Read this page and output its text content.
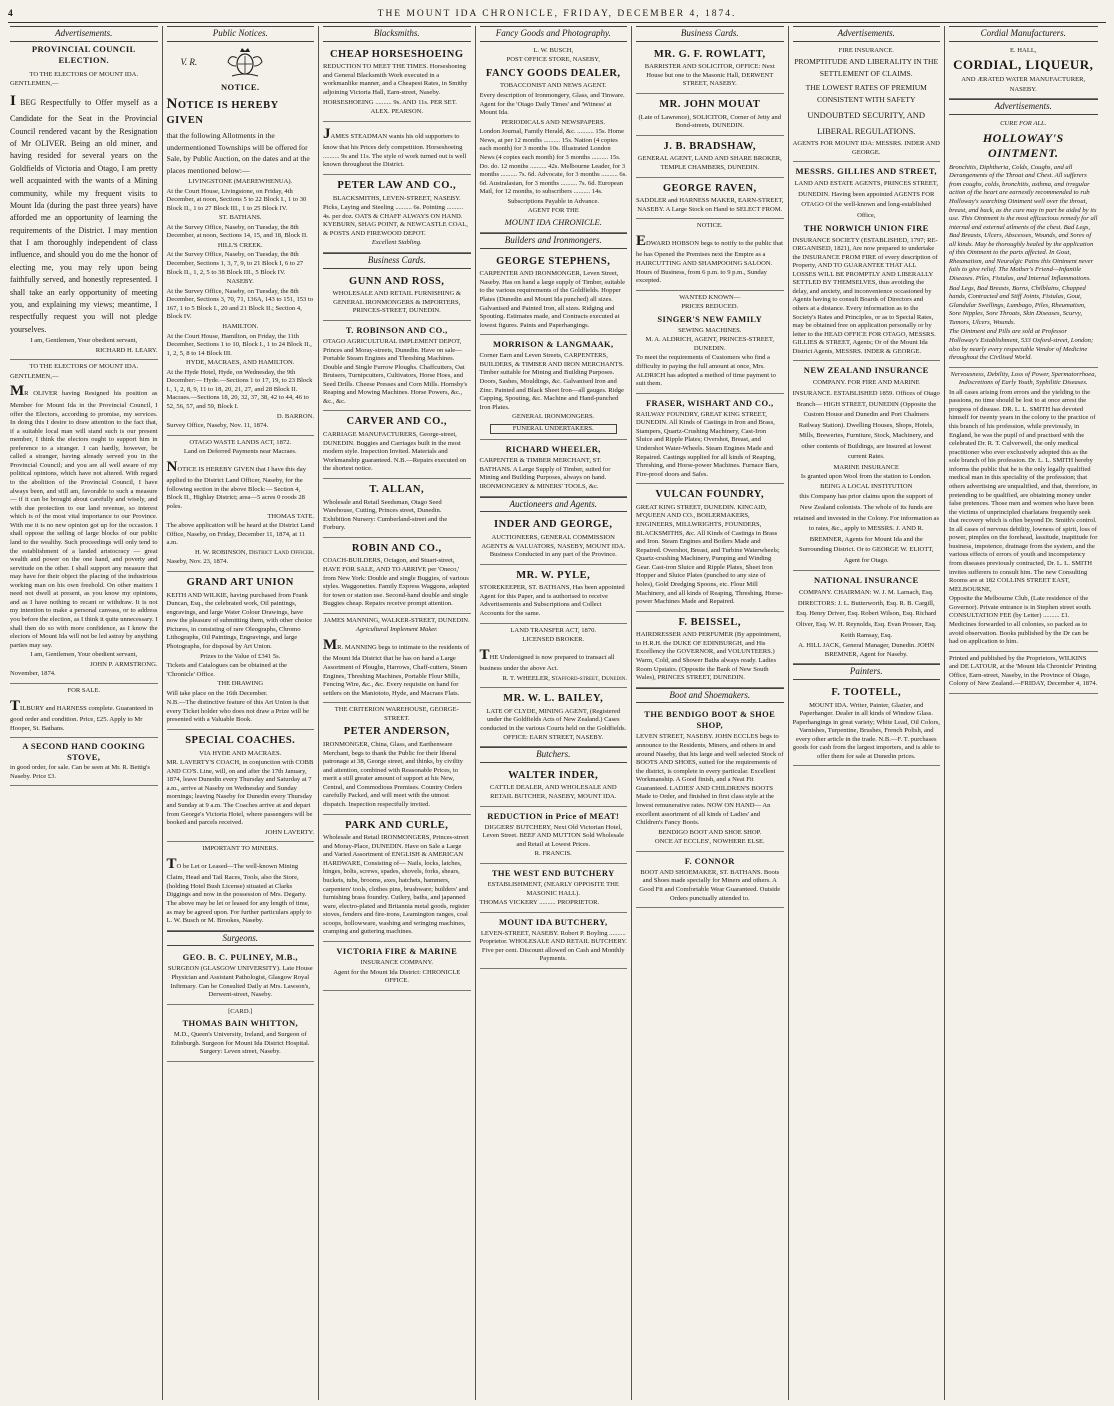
4	THE MOUNT IDA CHRONICLE, FRIDAY, DECEMBER 4, 1874.
Advertisements.
PROVINCIAL COUNCIL ELECTION.

TO THE ELECTORS OF MOUNT IDA.

GENTLEMEN,—

I BEG Respectfully to Offer myself as a Candidate for the Seat in the Provincial Council rendered vacant by the Resignation of Mr OLIVER. Being an old miner, and having resided for several years on the Goldfields of Victoria and Otago, I am pretty well acquainted with the wants of a Mining community, while my frequent visits to Mount Ida (during the past three years) have afforded me an opportunity of learning the requirements of the District. I may mention that I am thoroughly independent of class influence, and should you do me the honor of electing me, you may rely upon being faithfully served, and honestly represented. I shall take an early opportunity of meeting you, and explaining my views; meantime, I respectfully request you will not pledge yourselves.

I am, Gentlemen, Your obedient servant,

RICHARD H. LEARY.

TO THE ELECTORS OF MOUNT IDA.

GENTLEMEN,—

MR OLIVER having Resigned his position as Member for Mount Ida in the Provincial Council, I offer the Electors, according to promise, my services. In doing this I desire to draw attention to the fact that, if a suitable local man will stand such is our present member, I think the electors ought to support him in preference to a stranger. I can hardly, however, be called a stranger, having already served you in the Provincial Council; and you are all well aware of my political opinions, which have not altered. With regard to the abolition of the Provincial Council, I have always been, and still am, favorable to such a measure — if it can be brought about carefully and wisely, and with due protection to our land revenue, so interest which is of the most vital importance to our Province. With me it is no new opinion got up for the occasion. I shall oppose the selling of large blocks of our public land to the wealthy. Such proceedings will only tend to the establishment of a landed aristocracy — great wealth and power on the one hand, and poverty and servitude on the other. I shall support any measure that may have for their object the placing of the industrious working man on his own freehold. On other matters I need not dwell at present, as you know my opinions, and as I have nothing to recant or withdraw. It is not my intention to make a personal canvass, or to address you before the election, as I think it quite unnecessary. I shall then do so with more confidence, as I know the electors of Mount Ida will not be led astray by anything parties may say.

I am, Gentlemen, Your obedient servant,

JOHN P. ARMSTRONG.

November, 1874.

FOR SALE.

TILBURY and HARNESS complete. Guaranteed in good order and condition. Price, £25. Apply to Mr Hooper, St. Bathans.

A SECOND HAND COOKING STOVE,

in good order, for sale. Can be seen at Mr. R. Bettig's Naseby. Price £3.

Public Notices.
V. R.
NOTICE.
NOTICE IS HEREBY GIVEN

that the following Allotments in the undermentioned Townships will be offered for Sale, by Public Auction, on the dates and at the places mentioned below:—

LIVINGSTONE (MAEREWHENUA).

At the Court House, Livingstone, on Friday, 4th December, at noon, Sections 5 to 22 Block I., 1 to 30 Block II., 1 to 27 Block III., 1 to 25 Block IV.

ST. BATHANS.

At the Survey Office, Naseby, on Tuesday, the 8th December, at noon, Sections 14, 15, and 18, Block II.

HILL'S CREEK.

At the Survey Office, Naseby, on Tuesday, the 8th December, Sections 1, 3, 7, 9, to 21 Block I, 6 to 27 Block II., 1, 2, 5 to 38 Block III., 5 Block IV.

NASEBY.

At the Survey Office, Naseby, on Tuesday, the 8th December, Sections 3, 70, 71, 136A, 143 to 151, 153 to 167, 1 to 5 Block I., 20 and 21 Block II.; Section 4, Block IV.

HAMILTON.

At the Court House, Hamilton, on Friday, the 11th December, Sections 1 to 10, Block I., 1 to 24 Block II., 1, 2, 5, 8 to 14 Block III.

HYDE, MACRAES, AND HAMILTON.

At the Hyde Hotel, Hyde, on Wednesday, the 9th December:— Hyde.—Sections 1 to 17, 19, to 23 Block I., 1, 2, 8, 9, 11 to 18, 20, 21, 27, and 28 Block II. Macraes.—Sections 18, 20, 32, 37, 38, 42 to 44, 46 to 52, 56, 57, and 59, Block I.

D. BARRON.

Survey Office, Naseby, Nov. 11, 1874.

OTAGO WASTE LANDS ACT, 1872.

Land on Deferred Payments near Macraes.

NOTICE IS HEREBY GIVEN that I have this day applied to the District Land Officer, Naseby, for the following section in the above Block:— Section 4, Block II., Highlay District; area—5 acres 0 roods 28 poles.

THOMAS TATE.

The above application will be heard at the District Land Office, Naseby, on Friday, December 11, 1874, at 11 a.m.

H. W. ROBINSON, District Land Officer.

Naseby, Nov. 23, 1874.

GRAND ART UNION

KEITH AND WILKIE, having purchased from Frank Duncan, Esq., the celebrated work, Oil paintings, engravings, and large Water Colour Drawings, have now the pleasure of submitting them, with other choice Pictures, in consisting of rare Oleographs, Chromo Lithographs, Oil Paintings, Engravings, and large Photographs, for disposal by Art Union.

Prizes to the Value of £341 5s.

Tickets and Catalogues can be obtained at the 'Chronicle' Office.

THE DRAWING

Will take place on the 16th December.

N.B.—The distinctive feature of this Art Union is that every Ticket holder who does not draw a Prize will be presented with a Valuable Book.

SPECIAL COACHES.

VIA HYDE AND MACRAES.

MR. LAVERTY'S COACH, in conjunction with COBB AND CO'S. Line, will, on and after the 17th January, 1874, leave Dunedin every Thursday and Saturday at 7 a.m., arrive at Naseby on Wednesday and Sunday mornings; leaving Naseby for Dunedin every Thursday and Sunday at 9 a.m. The Coaches arrive at and depart from George's Victoria Hotel, where passengers will be booked and parcels received.

JOHN LAVERTY.

IMPORTANT TO MINERS.

TO be Let or Leased—The well-known Mining Claim, Head and Tail Races, Tools, also the Store, (holding Hotel Bush License) situated at Clarks Diggings and now in the possession of Mrs. Degarty. The above may be let or leased for any length of time, as may be agreed upon. For further particulars apply to L. W. Busch or M. Brookes, Naseby.

Surgeons.
GEO. B. C. PULINEY, M.B.,

SURGEON (GLASGOW UNIVERSITY). Late House Physician and Assistant Pathologist, Glasgow Royal Infirmary. Can be Consulted Daily at Mrs. Lawson's, Derwent-street, Naseby.

[CARD.]

THOMAS BAIN WHITTON,

M.D., Queen's University, Ireland, and Surgeon of Edinburgh. Surgeon for Mount Ida District Hospital. Surgery: Leven street, Naseby.

Blacksmiths.
CHEAP HORSESHOEING

REDUCTION TO MEET THE TIMES. Horseshoeing and General Blacksmith Work executed in a workmanlike manner, and a Cheapest Rates, in Smithy adjoining Victoria Hall, Earn-street, Naseby.

HORSESHOEING .......... 9s. AND 11s. PER SET.

ALEX. PEARSON.

JAMES STEADMAN wants his old supporters to know that his Prices defy competition. Horseshoeing .......... 9s and 11s. The style of work turned out is well known throughout the District.

PETER LAW AND CO.,

BLACKSMITHS, LEVEN-STREET, NASEBY.

Picks, Laying and Steeling .......... 6s. Pointing .......... 4s. per doz. OATS & CHAFF ALWAYS ON HAND. KYEBURN, SHAG POINT, & NEWCASTLE COAL, & POSTS AND FIREWOOD DEPOT.

Excellent Stabling.

Business Cards.
GUNN AND ROSS,

WHOLESALE AND RETAIL FURNISHING & GENERAL IRONMONGERS & IMPORTERS, PRINCES-STREET, DUNEDIN.

T. ROBINSON AND CO.,

OTAGO AGRICULTURAL IMPLEMENT DEPOT, Princes and Moray-streets, Dunedin. Have on sale— Portable Steam Engines and Threshing Machines. Double and Single Furrow Ploughs. Chaffcutters, Oat Bruisers, Turnipcutters, Cultivators, Horse Hoes, and Seed Drills. Cheese Presses and Corn Mills. Hornsby's Reaping and Mowing Machines. Horse Powers, &c., &c., &c.

CARVER AND CO.,

CARRIAGE MANUFACTURERS, George-street, DUNEDIN. Buggies and Carriages built in the most modern style. Inspection Invited. Materials and Workmanship guaranteed. N.B.—Repairs executed on the shortest notice.

T. ALLAN,

Wholesale and Retail Seedsman, Otago Seed Warehouse, Cutting, Princes street, Dunedin. Exhibition Nursery: Cumberland-street and the Forbury.

ROBIN AND CO.,

COACH-BUILDERS, Octagon, and Stuart-street, HAVE FOR SALE, AND TO ARRIVE per 'Oneco,' from New York: Double and single Buggies, of various styles. Waggonettes. Family Express Waggons, adapted for town or station use. Second-hand double and single Buggies cheap. Repairs receive prompt attention.

JAMES MANNING, WALKER-STREET, DUNEDIN.

Agricultural Implement Maker.

MR. MANNING begs to intimate to the residents of the Mount Ida District that he has on hand a Large Assortment of Ploughs, Harrows, Chaff-cutters, Steam Engines, Threshing Machines, Portable Flour Mills, Fencing Wire, &c., &c. Every requisite on hand for settlers on the Maniototo, Hyde, and Macraes Flats.

THE CRITERION WAREHOUSE, GEORGE-STREET.

PETER ANDERSON,

IRONMONGER, China, Glass, and Earthenware Merchant, begs to thank the Public for their liberal patronage at 38, George street, and thinks, by civility and attention, combined with Reasonable Prices, to merit a still greater amount of support at his New, Central, and Commodious Premises. Country Orders carefully Packed, and will meet with the utmost dispatch. Inspection respectfully invited.

PARK AND CURLE,

Wholesale and Retail IRONMONGERS, Princes-street and Moray-Place, DUNEDIN. Have on Sale a Large and Varied Assortment of ENGLISH & AMERICAN HARDWARE, Consisting of— Nails, locks, latches, hinges, bolts, screws, spades, shovels, forks, shears, buckets, tubs, brooms, axes, hatchets, hammers, carpenters' tools, clothes pins, brushware; builders' and furnishing brass foundry. Cutlery, baths, and japanned ware, electro-plated and Britannia metal goods, register stoves, fenders and fire-irons, Leamington ranges, coal scoops, hollowware, washing and wringing machines, cramping and guttering machines.

VICTORIA FIRE & MARINE

INSURANCE COMPANY.

Agent for the Mount Ida District: CHRONICLE OFFICE.

Fancy Goods and Photography.

L. W. BUSCH,

POST OFFICE STORE, NASEBY,

FANCY GOODS DEALER,

TOBACCONIST AND NEWS AGENT.

Every description of Ironmongery, Glass, and Tinware. Agent for the 'Otago Daily Times' and 'Witness' at Mount Ida.

PERIODICALS AND NEWSPAPERS.

London Journal, Family Herald, &c. .......... 15s. Home News, at per 12 months .......... 15s. Nation (4 copies each month) for 3 months 10s. Illustrated London News (4 copies each month) for 3 months .......... 15s. Do. do. 12 months .......... 42s. Melbourne Leader, for 3 months .......... 7s. 6d. Advocate, for 3 months .......... 6s. 6d. Australasian, for 3 months .......... 7s. 6d. European Mail, for 12 months, to subscribers .......... 14s.

Subscriptions Payable in Advance.

AGENT FOR THE

MOUNT IDA CHRONICLE.

Builders and Ironmongers.
GEORGE STEPHENS,

CARPENTER AND IRONMONGER, Leven Street, Naseby. Has on hand a large supply of Timber, suitable to the various requirements of the Goldfields. Hopper Plates (Dunedin and Mount Ida punched) all sizes. Galvanised and Painted Iron, all sizes. Ridging and Spouting. Estimates made, and Contracts executed at lowest figures. Paints and Paperhangings.

MORRISON & LANGMAAK,

Corner Earn and Leven Streets, CARPENTERS, BUILDERS, & TIMBER AND IRON MERCHANTS. Timber suitable for Mining and Building Purposes. Doors, Sashes, Mouldings, &c. Galvanised Iron and Zinc. Painted and Black Sheet Iron—all gauges. Ridge Capping, Spouting, &c. Machine and Hand-punched Iron Plates.

GENERAL IRONMONGERS.

FUNERAL UNDERTAKERS.

RICHARD WHEELER,

CARPENTER & TIMBER MERCHANT, ST. BATHANS. A Large Supply of Timber, suited for Mining and Building Purposes, always on hand. IRONMONGERY & MINERS' TOOLS, &c.

Auctioneers and Agents.
INDER AND GEORGE,

AUCTIONEERS, GENERAL COMMISSION AGENTS & VALUATORS, NASEBY, MOUNT IDA. Business Conducted in any part of the Province.

MR. W. PYLE,

STOREKEEPER, ST. BATHANS, Has been appointed Agent for this Paper, and is authorised to receive Advertisements and Subscriptions and Collect Accounts for the same.

LAND TRANSFER ACT, 1870.

LICENSED BROKER.

THE Undersigned is now prepared to transact all business under the above Act.

R. T. WHEELER, Stafford-street, Dunedin.

MR. W. L. BAILEY,

LATE OF CLYDE, MINING AGENT, (Registered under the Goldfields Acts of New Zealand.) Cases conducted in the various Courts held on the Goldfields. OFFICE: EARN STREET, NASEBY.

Butchers.
WALTER INDER,

CATTLE DEALER, AND WHOLESALE AND RETAIL BUTCHER, NASEBY, MOUNT IDA.

REDUCTION in Price of MEAT!

DIGGERS' BUTCHERY, Next Old Victorian Hotel, Leven Street. BEEF AND MUTTON Sold Wholesale and Retail at Lowest Prices.

R. FRANCIS.

THE WEST END BUTCHERY

ESTABLISHMENT, (NEARLY OPPOSITE THE MASONIC HALL).

THOMAS VICKERY .......... PROPRIETOR.

MOUNT IDA BUTCHERY,

LEVEN-STREET, NASEBY. Robert P. Boyling .......... Proprietor. WHOLESALE AND RETAIL BUTCHERY. Five per cent. Discount allowed on Cash and Monthly Payments.

Business Cards.
MR. G. F. ROWLATT,

BARRISTER AND SOLICITOR, OFFICE: Next House but one to the Masonic Hall, DERWENT STREET, NASEBY.

MR. JOHN MOUAT

(Late of Lawrence), SOLICITOR, Corner of Jetty and Bond-streets, DUNEDIN.

J. B. BRADSHAW,

GENERAL AGENT, LAND AND SHARE BROKER, TEMPLE CHAMBERS, DUNEDIN.

GEORGE RAVEN,

SADDLER and HARNESS MAKER, EARN-STREET, NASEBY. A Large Stock on Hand to SELECT FROM.

NOTICE.

EDWARD HOBSON begs to notify to the public that he has Opened the Premises next the Empire as a HAIRCUTTING AND SHAMPOOING SALOON. Hours of Business, from 6 p.m. to 9 p.m., Sunday excepted.

WANTED KNOWN—

PRICES REDUCED.

SINGER'S NEW FAMILY

SEWING MACHINES.

M. A. ALDRICH, AGENT, PRINCES-STREET, DUNEDIN.

To meet the requirements of Customers who find a difficulty in paying the full amount at once, Mrs. ALDRICH has adopted a method of time payment to suit them.

FRASER, WISHART AND CO.,

RAILWAY FOUNDRY, GREAT KING STREET, DUNEDIN. All Kinds of Castings in Iron and Brass, Stampers, Quartz-Crushing Machinery, Cast-Iron Sluice and Ripple Plates; Overshot, Breast, and Undershot Water-Wheels. Steam Engines Made and Repaired. Castings supplied for all kinds of Reaping, Threshing, and Horse-power Machines. Furnace Bars, Fire-proof doors and Safes.

VULCAN FOUNDRY,

GREAT KING STREET, DUNEDIN. KINCAID, M'QUEEN AND CO., BOILERMAKERS, ENGINEERS, MILLWRIGHTS, FOUNDERS, BLACKSMITHS, &c. All Kinds of Castings in Brass and Iron. Steam Engines and Boilers Made and Repaired. Overshot, Breast, and Turbine Waterwheels; Quartz-crushing Machinery, Pumping and Winding Gear. Cast-iron Sluice and Ripple Plates, Sheet Iron Hopper and Sluice Plates (punched to any size of holes), Gold Dredging Spoons, etc. Flour Mill Machinery, and all kinds of Reaping, Threshing, Horse-power Machines Made and Repaired.

F. BEISSEL,

HAIRDRESSER AND PERFUMER (By appointment, to H.R.H. the DUKE OF EDINBURGH, and His Excellency the GOVERNOR, and VOLUNTEERS.) Warm, Cold, and Shower Baths always ready. Ladies Room Upstairs. (Opposite the Bank of New South Wales), PRINCES STREET, DUNEDIN.

Boot and Shoemakers.
THE BENDIGO BOOT & SHOE SHOP,

LEVEN STREET, NASEBY. JOHN ECCLES begs to announce to the Residents, Miners, and others in and around Naseby, that his large and well selected Stock of BOOTS AND SHOES, suited for the requirements of the district, is complete in every particular. Excellent Workmanship. A Good finish, and a Neat Fit Guaranteed. LADIES' AND CHILDREN'S BOOTS Made to Order, and finished in first class style at the lowest remunerative rates. NOW ON HAND— An excellent assortment of all kinds of Ladies' and Children's Fancy Boots.

BENDIGO BOOT AND SHOE SHOP.

ONCE AT ECCLES', NOWHERE ELSE.

F. CONNOR

BOOT AND SHOEMAKER, ST. BATHANS. Boots and Shoes made specially for Miners and others. A Good Fit and Comfortable Wear Guaranteed. Outside Orders punctually attended to.

Advertisements.

FIRE INSURANCE.

PROMPTITUDE AND LIBERALITY IN THE SETTLEMENT OF CLAIMS.

THE LOWEST RATES OF PREMIUM CONSISTENT WITH SAFETY

UNDOUBTED SECURITY, AND LIBERAL REGULATIONS.

AGENTS FOR MOUNT IDA: MESSRS. INDER AND GEORGE.

MESSRS. GILLIES AND STREET,

LAND AND ESTATE AGENTS, PRINCES STREET, DUNEDIN. Having been appointed AGENTS FOR OTAGO Of the well-known and long-established Office,

THE NORWICH UNION FIRE

INSURANCE SOCIETY (ESTABLISHED, 1797; RE-ORGANISED, 1821), Are now prepared to undertake the INSURANCE FROM FIRE of every description of Property, AND TO GUARANTEE THAT ALL LOSSES WILL BE PROMPTLY AND LIBERALLY SETTLED BY THEMSELVES, thus avoiding the delay, and anxiety, and inconvenience occasioned by Agents having to consult Boards of Directors and others at a distance. Every information as to the Society's Rates and Principles, or as to Special Rates, may be obtained free on application personally or by letter to the HEAD OFFICE FOR OTAGO, MESSRS. GILLIES & STREET, Agents; Or of the Mount Ida District Agents, MESSRS. INDER & GEORGE.

NEW ZEALAND INSURANCE

COMPANY. FOR FIRE AND MARINE INSURANCE. ESTABLISHED 1859. Offices of Otago Branch— HIGH STREET, DUNEDIN (Opposite the Custom House and Dunedin and Port Chalmers Railway Station). Dwelling Houses, Shops, Hotels, Mills, Breweries, Furniture, Stock, Machinery, and other contents of Buildings, are Insured at lowest current Rates.

MARINE INSURANCE

Is granted upon Wool from the station to London.

BEING A LOCAL INSTITUTION

this Company has prior claims upon the support of New Zealand colonists. The whole of its funds are retained and invested in the Colony. For information as to rates, &c., apply to MESSRS. J. AND R. BREMNER, Agents for Mount Ida and the Surrounding District. Or to GEORGE W. ELIOTT, Agent for Otago.

NATIONAL INSURANCE

COMPANY. CHAIRMAN: W. J. M. Larnach, Esq. DIRECTORS: J. L. Butterworth, Esq. R. B. Cargill, Esq. Henry Driver, Esq. Robert Wilson, Esq. Richard Oliver, Esq. W. H. Reynolds, Esq. Evan Prosser, Esq. Keith Ramsay, Esq.

A. HILL JACK, General Manager, Dunedin. JOHN BREMNER, Agent for Naseby.

Painters.
F. TOOTELL,

MOUNT IDA. Writer, Painter, Glazier, and Paperhanger. Dealer in all kinds of Window Glass. Paperhangings in great variety; White Lead, Oil Colors, Varnishes, Turpentine, Brushes, French Polish, and every other article in the trade. N.B.—F. T. purchases goods for cash from the largest importers, and is able to offer them for sale at Dunedin prices.

Cordial Manufacturers.

E. HALL,

CORDIAL, LIQUEUR,

AND ÆRATED WATER MANUFACTURER,

NASEBY.

Advertisements.

CURE FOR ALL.

HOLLOWAY'S OINTMENT.

Bronchitis, Diphtheria, Colds, Coughs, and all Derangements of the Throat and Chest. All sufferers from coughs, colds, bronchitis, asthma, and irregular action of the heart are earnestly recommended to rub Holloway's searching Ointment well over the throat, breast, and back, as the cure may in part be aided by its use. This Ointment is the most efficacious remedy for all internal and external ailments of the chest. Bad Legs, Bad Breasts, Ulcers, Abscesses, Wounds, and Sores of all kinds. May be thoroughly healed by the application of this Ointment to the parts affected. In Gout, Rheumatism, and Neuralgic Pains this Ointment never fails to give relief. The Mother's Friend—Infantile Diseases. Piles, Fistulas, and Internal Inflammations.

Bad Legs, Bad Breasts, Burns, Chilblains, Chapped hands, Contracted and Stiff Joints, Fistulas, Gout, Glandular Swellings, Lumbago, Piles, Rheumatism, Sore Nipples, Sore Throats, Skin Diseases, Scurvy, Tumors, Ulcers, Wounds.

The Ointment and Pills are sold at Professor Holloway's Establishment, 533 Oxford-street, London; also by nearly every respectable Vendor of Medicine throughout the Civilised World.

Nervousness, Debility, Loss of Power, Spermatorrhoea, Indiscretions of Early Youth, Syphilitic Diseases.

In all cases arising from errors and the yielding to the passions, no time should be lost to at once arrest the progress of disease. DR. L. L. SMITH has devoted himself for twenty years in the colony to the practice of this branch of his profession, while previously, in England, he was the pupil of and practised with the celebrated Dr. R. T. Culverwell, the only medical practitioner who ever exclusively adopted this as the sole branch of his profession. Dr. L. L. SMITH hereby informs the public that he is the only legally qualified medical man in this speciality of the profession; that others advertising are unqualified, and that, therefore, in pretending to be qualified, are obtaining money under false pretences. Those men and women who have been the victims of unprincipled charlatans frequently seek that recovery which is often beyond Dr. Smith's control. In all cases of nervous debility, lowness of spirit, loss of power, pimples on the forehead, lassitude, inaptitude for business, impotence, drainage from the system, and the various effects of errors of youth and incompetency from diseases previously contracted, Dr. L. L. SMITH invites sufferers to consult him. The new Consulting Rooms are at 182 COLLINS STREET EAST, MELBOURNE,

Opposite the Melbourne Club, (Late residence of the Governor). Private entrance is in Stephen street south. CONSULTATION FEE (by Letter) .......... £1. Medicines forwarded to all colonies, so packed as to avoid observation. Books published by the Dr can be had on application to him.

Printed and published by the Proprietors, WILKINS and DE LATOUR, at the 'Mount Ida Chronicle' Printing Office, Earn-street, Naseby, in the Province of Otago, Colony of New Zealand.—FRIDAY, December 4, 1874.
